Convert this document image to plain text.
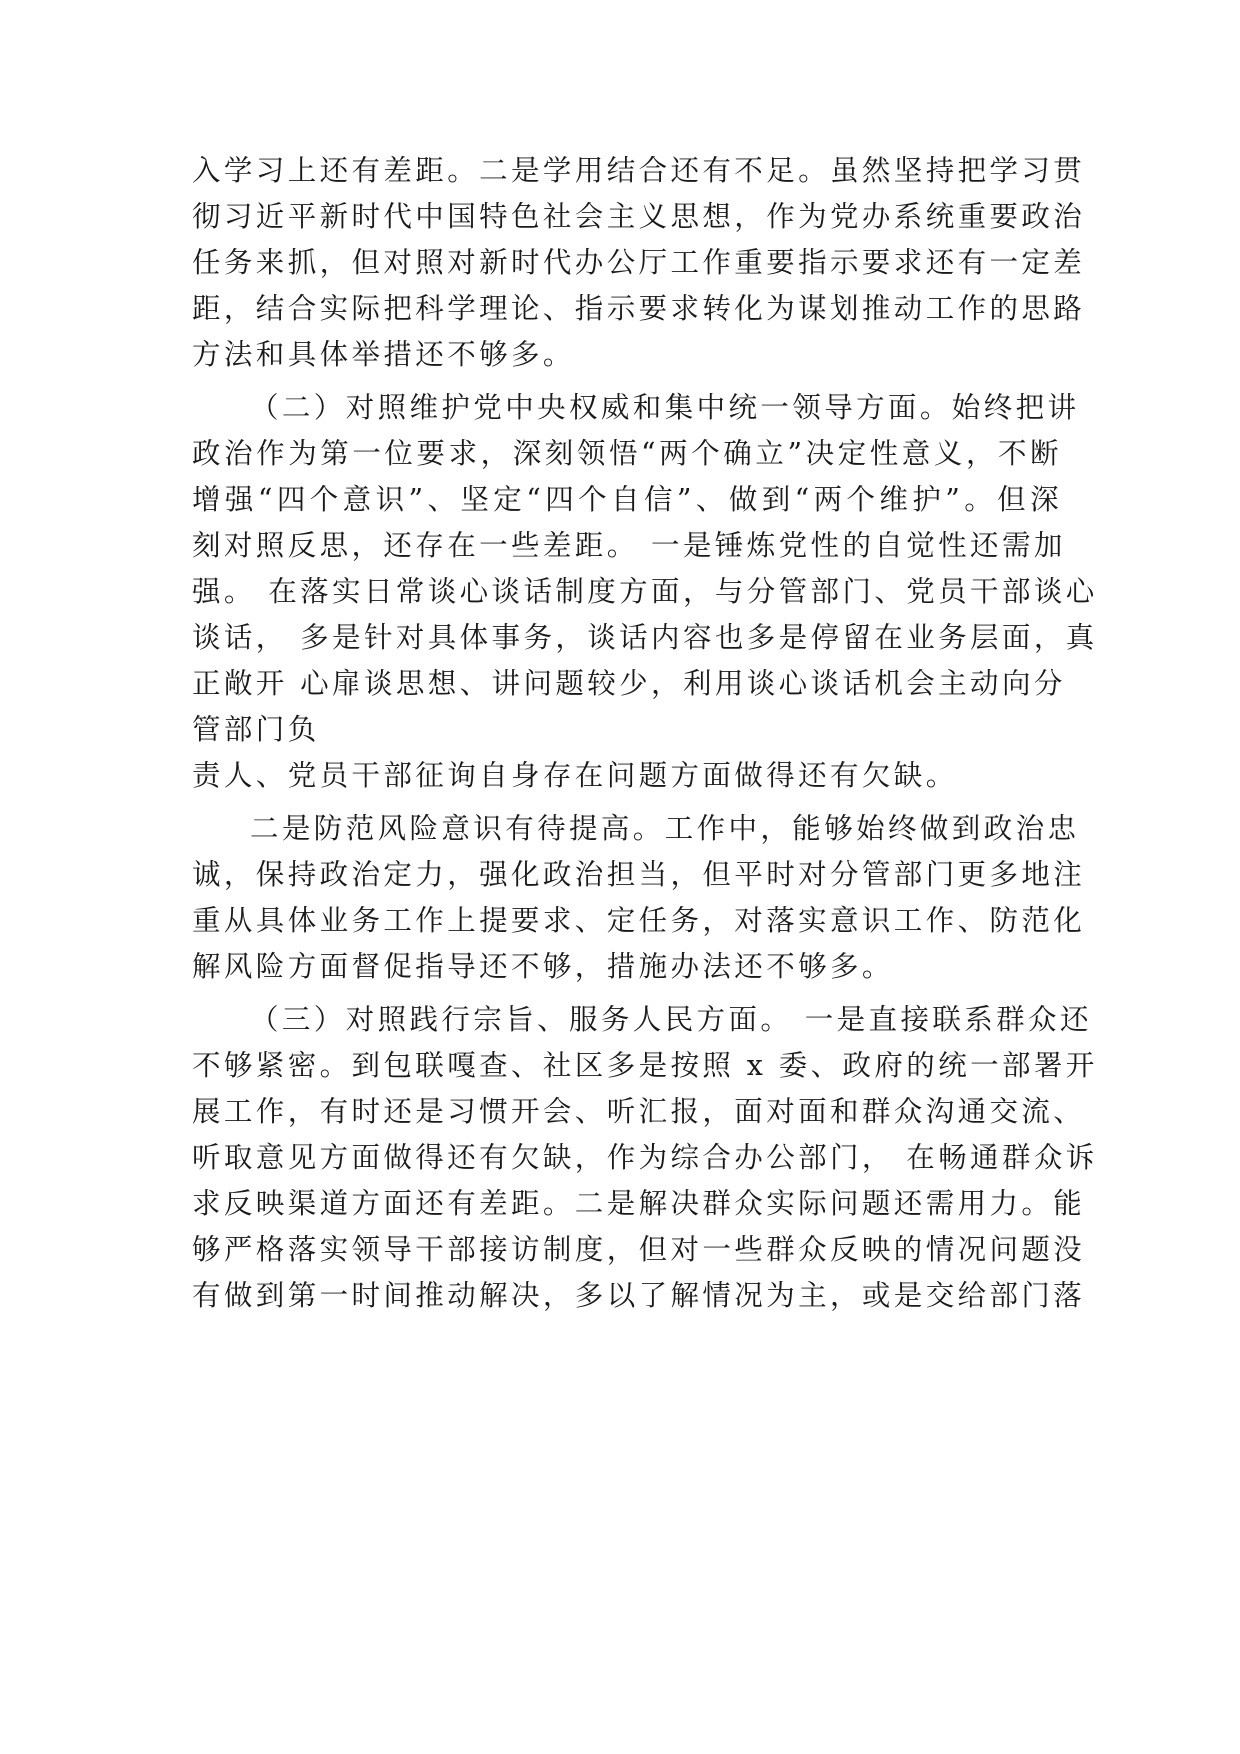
入学习上还有差距。二是学用结合还有不足。虽然坚持把学习贯
彻习近平新时代中国特色社会主义思想，作为党办系统重要政治
任务来抓，但对照对新时代办公厅工作重要指示要求还有一定差
距，结合实际把科学理论、指示要求转化为谋划推动工作的思路
方法和具体举措还不够多。
（二）对照维护党中央权威和集中统一领导方面。始终把讲
政治作为第一位要求，深刻领悟“两个确立”决定性意义，不断
增强“四个意识”、坚定“四个自信”、做到“两个维护”。但深
刻对照反思，还存在一些差距。 一是锤炼党性的自觉性还需加
强。 在落实日常谈心谈话制度方面，与分管部门、党员干部谈心
谈话， 多是针对具体事务，谈话内容也多是停留在业务层面，真
正敞开 心扉谈思想、讲问题较少，利用谈心谈话机会主动向分
管部门负
责人、党员干部征询自身存在问题方面做得还有欠缺。
二是防范风险意识有待提高。工作中，能够始终做到政治忠
诚，保持政治定力，强化政治担当，但平时对分管部门更多地注
重从具体业务工作上提要求、定任务，对落实意识工作、防范化
解风险方面督促指导还不够，措施办法还不够多。
（三）对照践行宗旨、服务人民方面。 一是直接联系群众还
不够紧密。到包联嘎查、社区多是按照 x 委、政府的统一部署开
展工作，有时还是习惯开会、听汇报，面对面和群众沟通交流、
听取意见方面做得还有欠缺，作为综合办公部门， 在畅通群众诉
求反映渠道方面还有差距。二是解决群众实际问题还需用力。能
够严格落实领导干部接访制度，但对一些群众反映的情况问题没
有做到第一时间推动解决，多以了解情况为主，或是交给部门落
